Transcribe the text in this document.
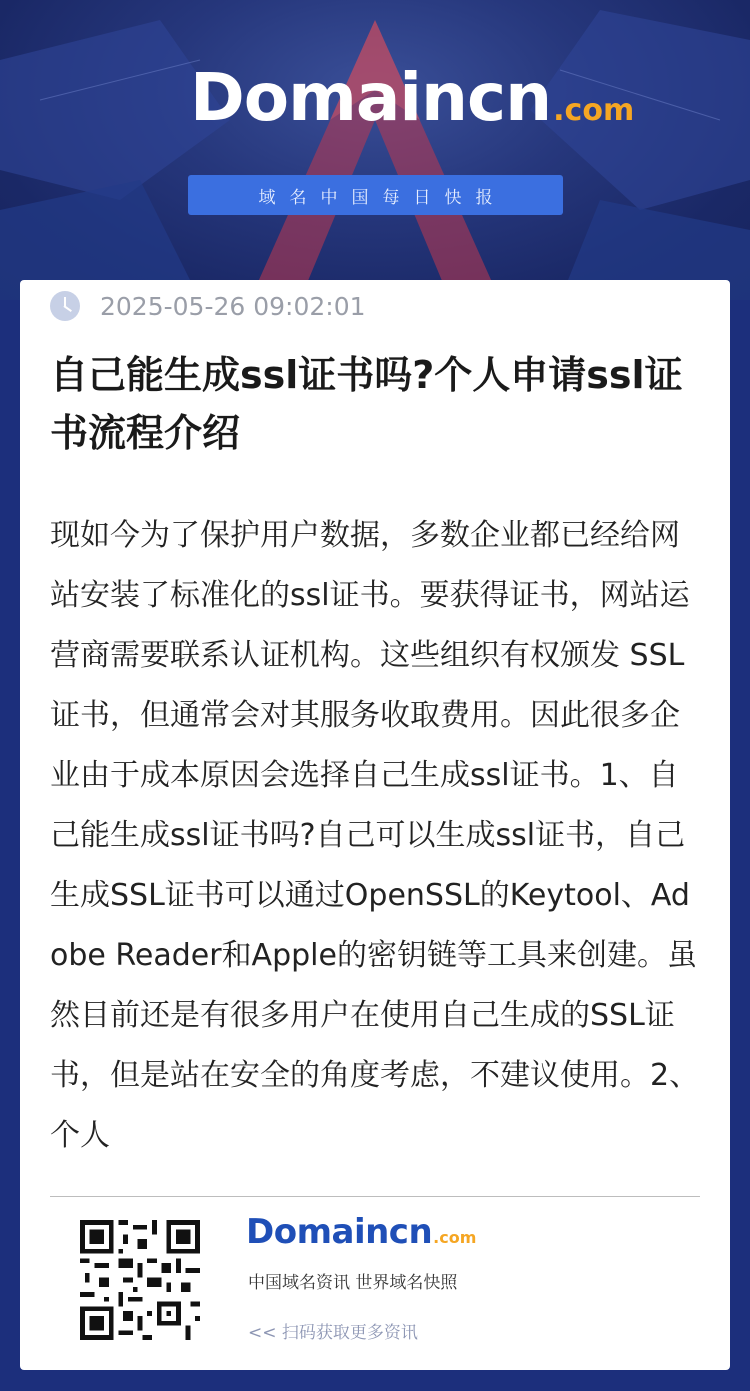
Domaincn .com
域名中国每日快报
2025-05-26 09:02:01
自己能生成ssl证书吗?个人申请ssl证书流程介绍

现如今为了保护用户数据，多数企业都已经给网站安装了标准化的ssl证书。要获得证书，网站运营商需要联系认证机构。这些组织有权颁发 SSL 证书，但通常会对其服务收取费用。因此很多企业由于成本原因会选择自己生成ssl证书。1、自己能生成ssl证书吗?自己可以生成ssl证书，自己生成SSL证书可以通过OpenSSL的Keytool、Adobe Reader和Apple的密钥链等工具来创建。虽然目前还是有很多用户在使用自己生成的SSL证书，但是站在安全的角度考虑，不建议使用。2、个人

Domaincn .com
中国域名资讯 世界域名快照
<< 扫码获取更多资讯
